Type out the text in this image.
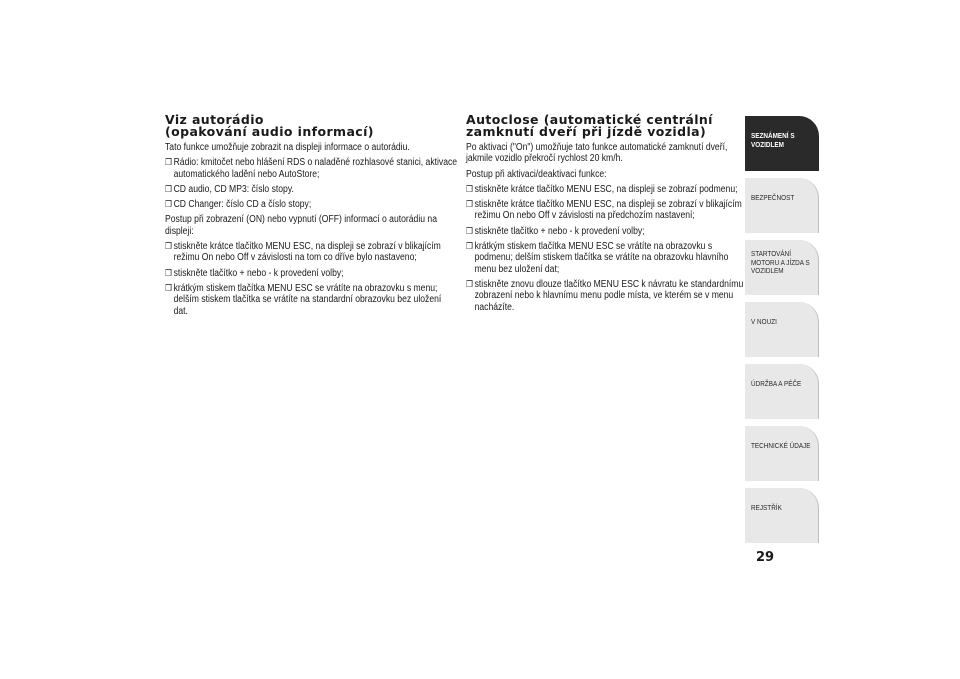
Viz autorádio
(opakování audio informací)

Tato funkce umožňuje zobrazit na displeji informace o autorádiu.

❒ Rádio: kmitočet nebo hlášení RDS o naladěné rozhlasové stanici, aktivace automatického ladění nebo AutoStore;
❒ CD audio, CD MP3: číslo stopy.
❒ CD Changer: číslo CD a číslo stopy;

Postup při zobrazení (ON) nebo vypnutí (OFF) informací o autorádiu na displeji:

❒ stiskněte krátce tlačítko MENU ESC, na displeji se zobrazí v blikajícím režimu On nebo Off v závislosti na tom co dříve bylo nastaveno;
❒ stiskněte tlačítko + nebo - k provedení volby;
❒ krátkým stiskem tlačítka MENU ESC se vrátíte na obrazovku s menu; delším stiskem tlačítka se vrátíte na standardní obrazovku bez uložení dat.
Autoclose (automatické centrální
zamknutí dveří při jízdě vozidla)

Po aktivaci ("On") umožňuje tato funkce automatické zamknutí dveří, jakmile vozidlo překročí rychlost 20 km/h.

Postup při aktivaci/deaktivaci funkce:

❒ stiskněte krátce tlačítko MENU ESC, na displeji se zobrazí podmenu;
❒ stiskněte krátce tlačítko MENU ESC, na displeji se zobrazí v blikajícím režimu On nebo Off v závislosti na předchozím nastavení;
❒ stiskněte tlačítko + nebo - k provedení volby;
❒ krátkým stiskem tlačítka MENU ESC se vrátíte na obrazovku s podmenu; delším stiskem tlačítka se vrátíte na obrazovku hlavního menu bez uložení dat;
❒ stiskněte znovu dlouze tlačítko MENU ESC k návratu ke standardnímu zobrazení nebo k hlavnímu menu podle místa, ve kterém se v menu nacházíte.
SEZNÁMENÍ S
VOZIDLEM
BEZPEČNOST
STARTOVÁNÍ
MOTORU A JÍZDA S
VOZIDLEM
V NOUZI
ÚDRŽBA A PÉČE
TECHNICKÉ ÚDAJE
REJSTŘÍK
29
